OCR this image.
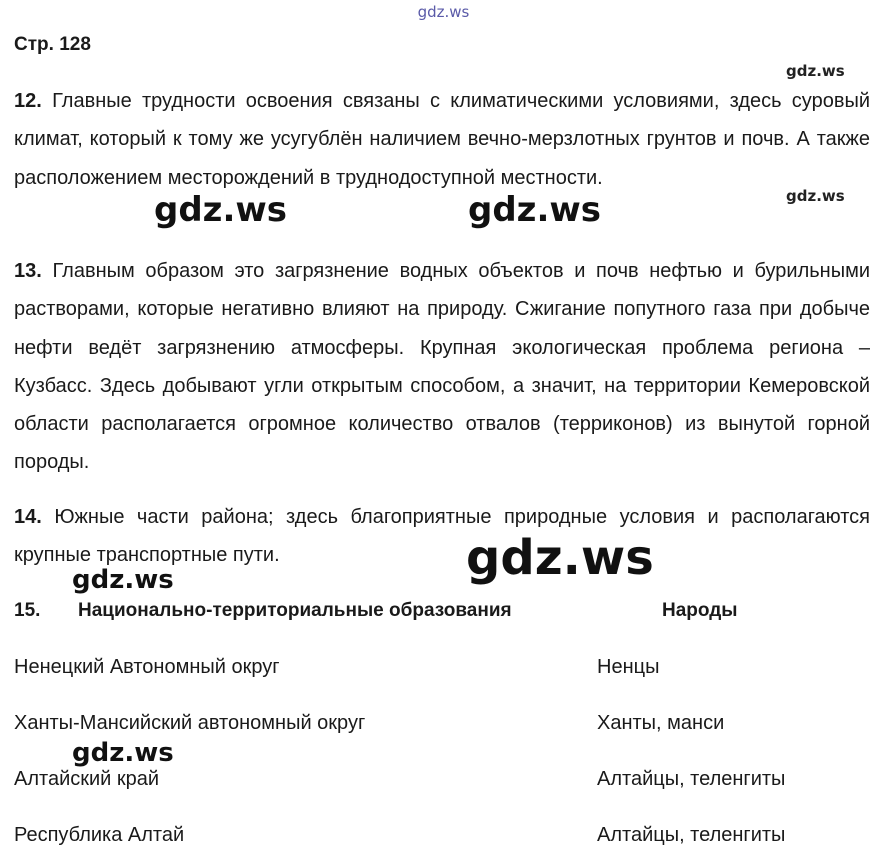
gdz.ws
Стр. 128
12. Главные трудности освоения связаны с климатическими условиями, здесь суровый климат, который к тому же усугублён наличием вечно-мерзлотных грунтов и почв. А также расположением месторождений в труднодоступной местности.
13. Главным образом это загрязнение водных объектов и почв нефтью и бурильными растворами, которые негативно влияют на природу. Сжигание попутного газа при добыче нефти ведёт загрязнению атмосферы. Крупная экологическая проблема региона – Кузбасс. Здесь добывают угли открытым способом, а значит, на территории Кемеровской области располагается огромное количество отвалов (терриконов) из вынутой горной породы.
14. Южные части района; здесь благоприятные природные условия и располагаются крупные транспортные пути.
15. Национально-территориальные образования	Народы
Ненецкий Автономный округ	Ненцы
Ханты-Мансийский автономный округ	Ханты, манси
Алтайский край	Алтайцы, теленгиты
Республика Алтай	Алтайцы, теленгиты
gdz.ws
gdz.ws
gdz.ws	gdz.ws
gdz.ws
gdz.ws
gdz.ws
